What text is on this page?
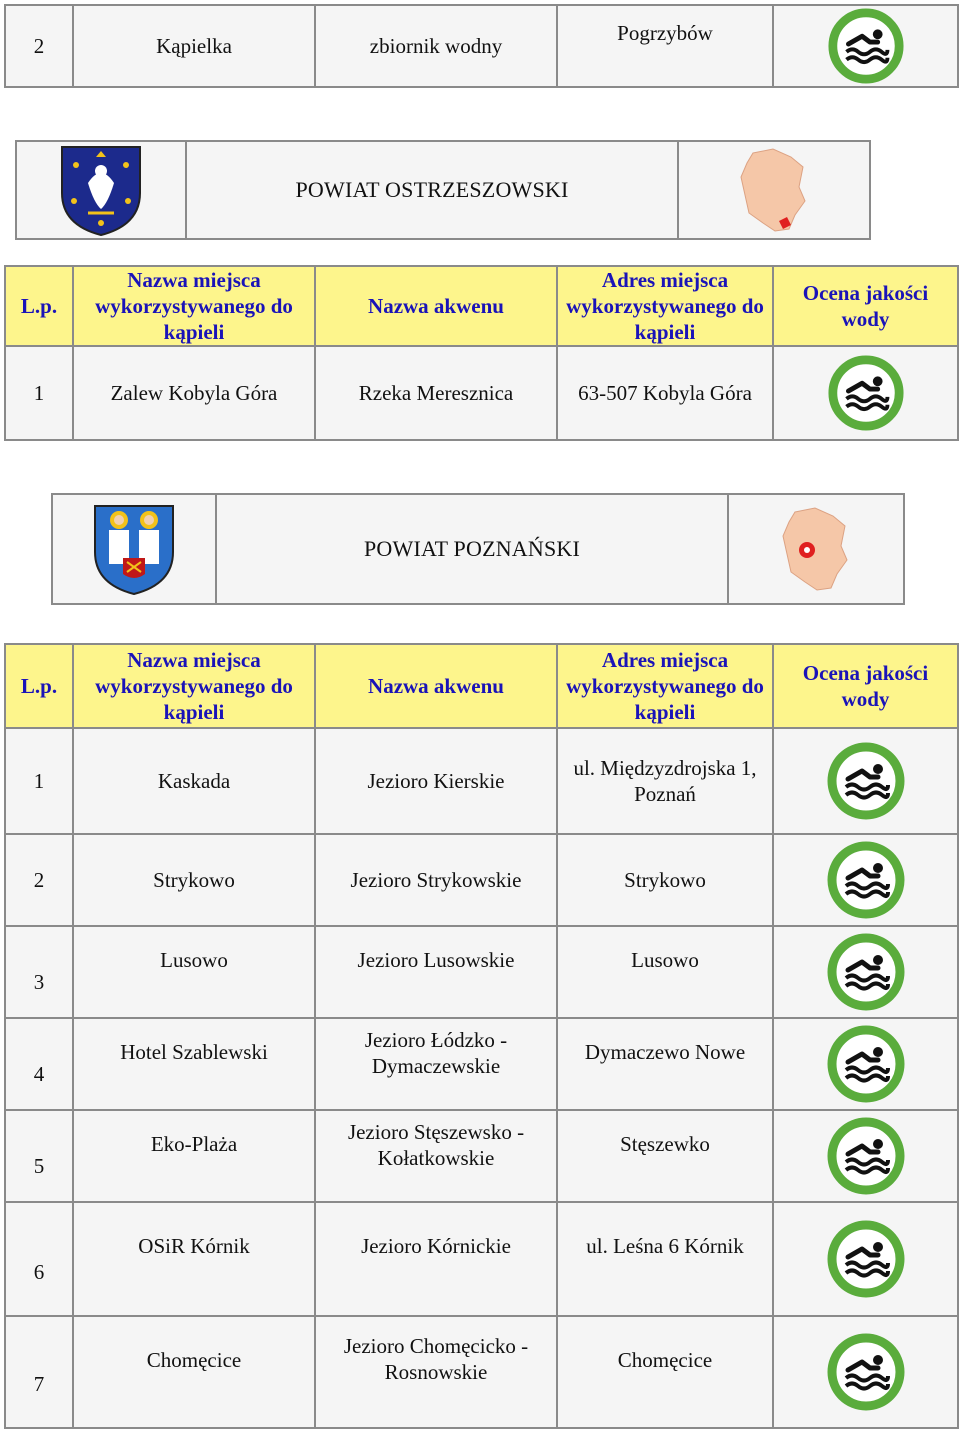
2	Kąpielka	zbiornik wodny	Pogrzybów	
	POWIAT OSTRZESZOWSKI	
L.p.	Nazwa miejsca wykorzystywanego do kąpieli	Nazwa akwenu	Adres miejsca wykorzystywanego do kąpieli	Ocena jakości wody
1	Zalew Kobyla Góra	Rzeka Meresznica	63-507 Kobyla Góra	
	POWIAT POZNAŃSKI	
L.p.	Nazwa miejsca wykorzystywanego do kąpieli	Nazwa akwenu	Adres miejsca wykorzystywanego do kąpieli	Ocena jakości wody
1	Kaskada	Jezioro Kierskie	ul. Międzyzdrojska 1, Poznań	

2	Strykowo	Jezioro Strykowskie	Strykowo	

3	Lusowo	Jezioro Lusowskie	Lusowo	

4	Hotel Szablewski	Jezioro Łódzko - Dymaczewskie	Dymaczewo Nowe	

5	Eko-Plaża	Jezioro Stęszewsko - Kołatkowskie	Stęszewko	

6	OSiR Kórnik	Jezioro Kórnickie	ul. Leśna 6 Kórnik	

7	Chomęcice	Jezioro Chomęcicko - Rosnowskie	Chomęcice	
